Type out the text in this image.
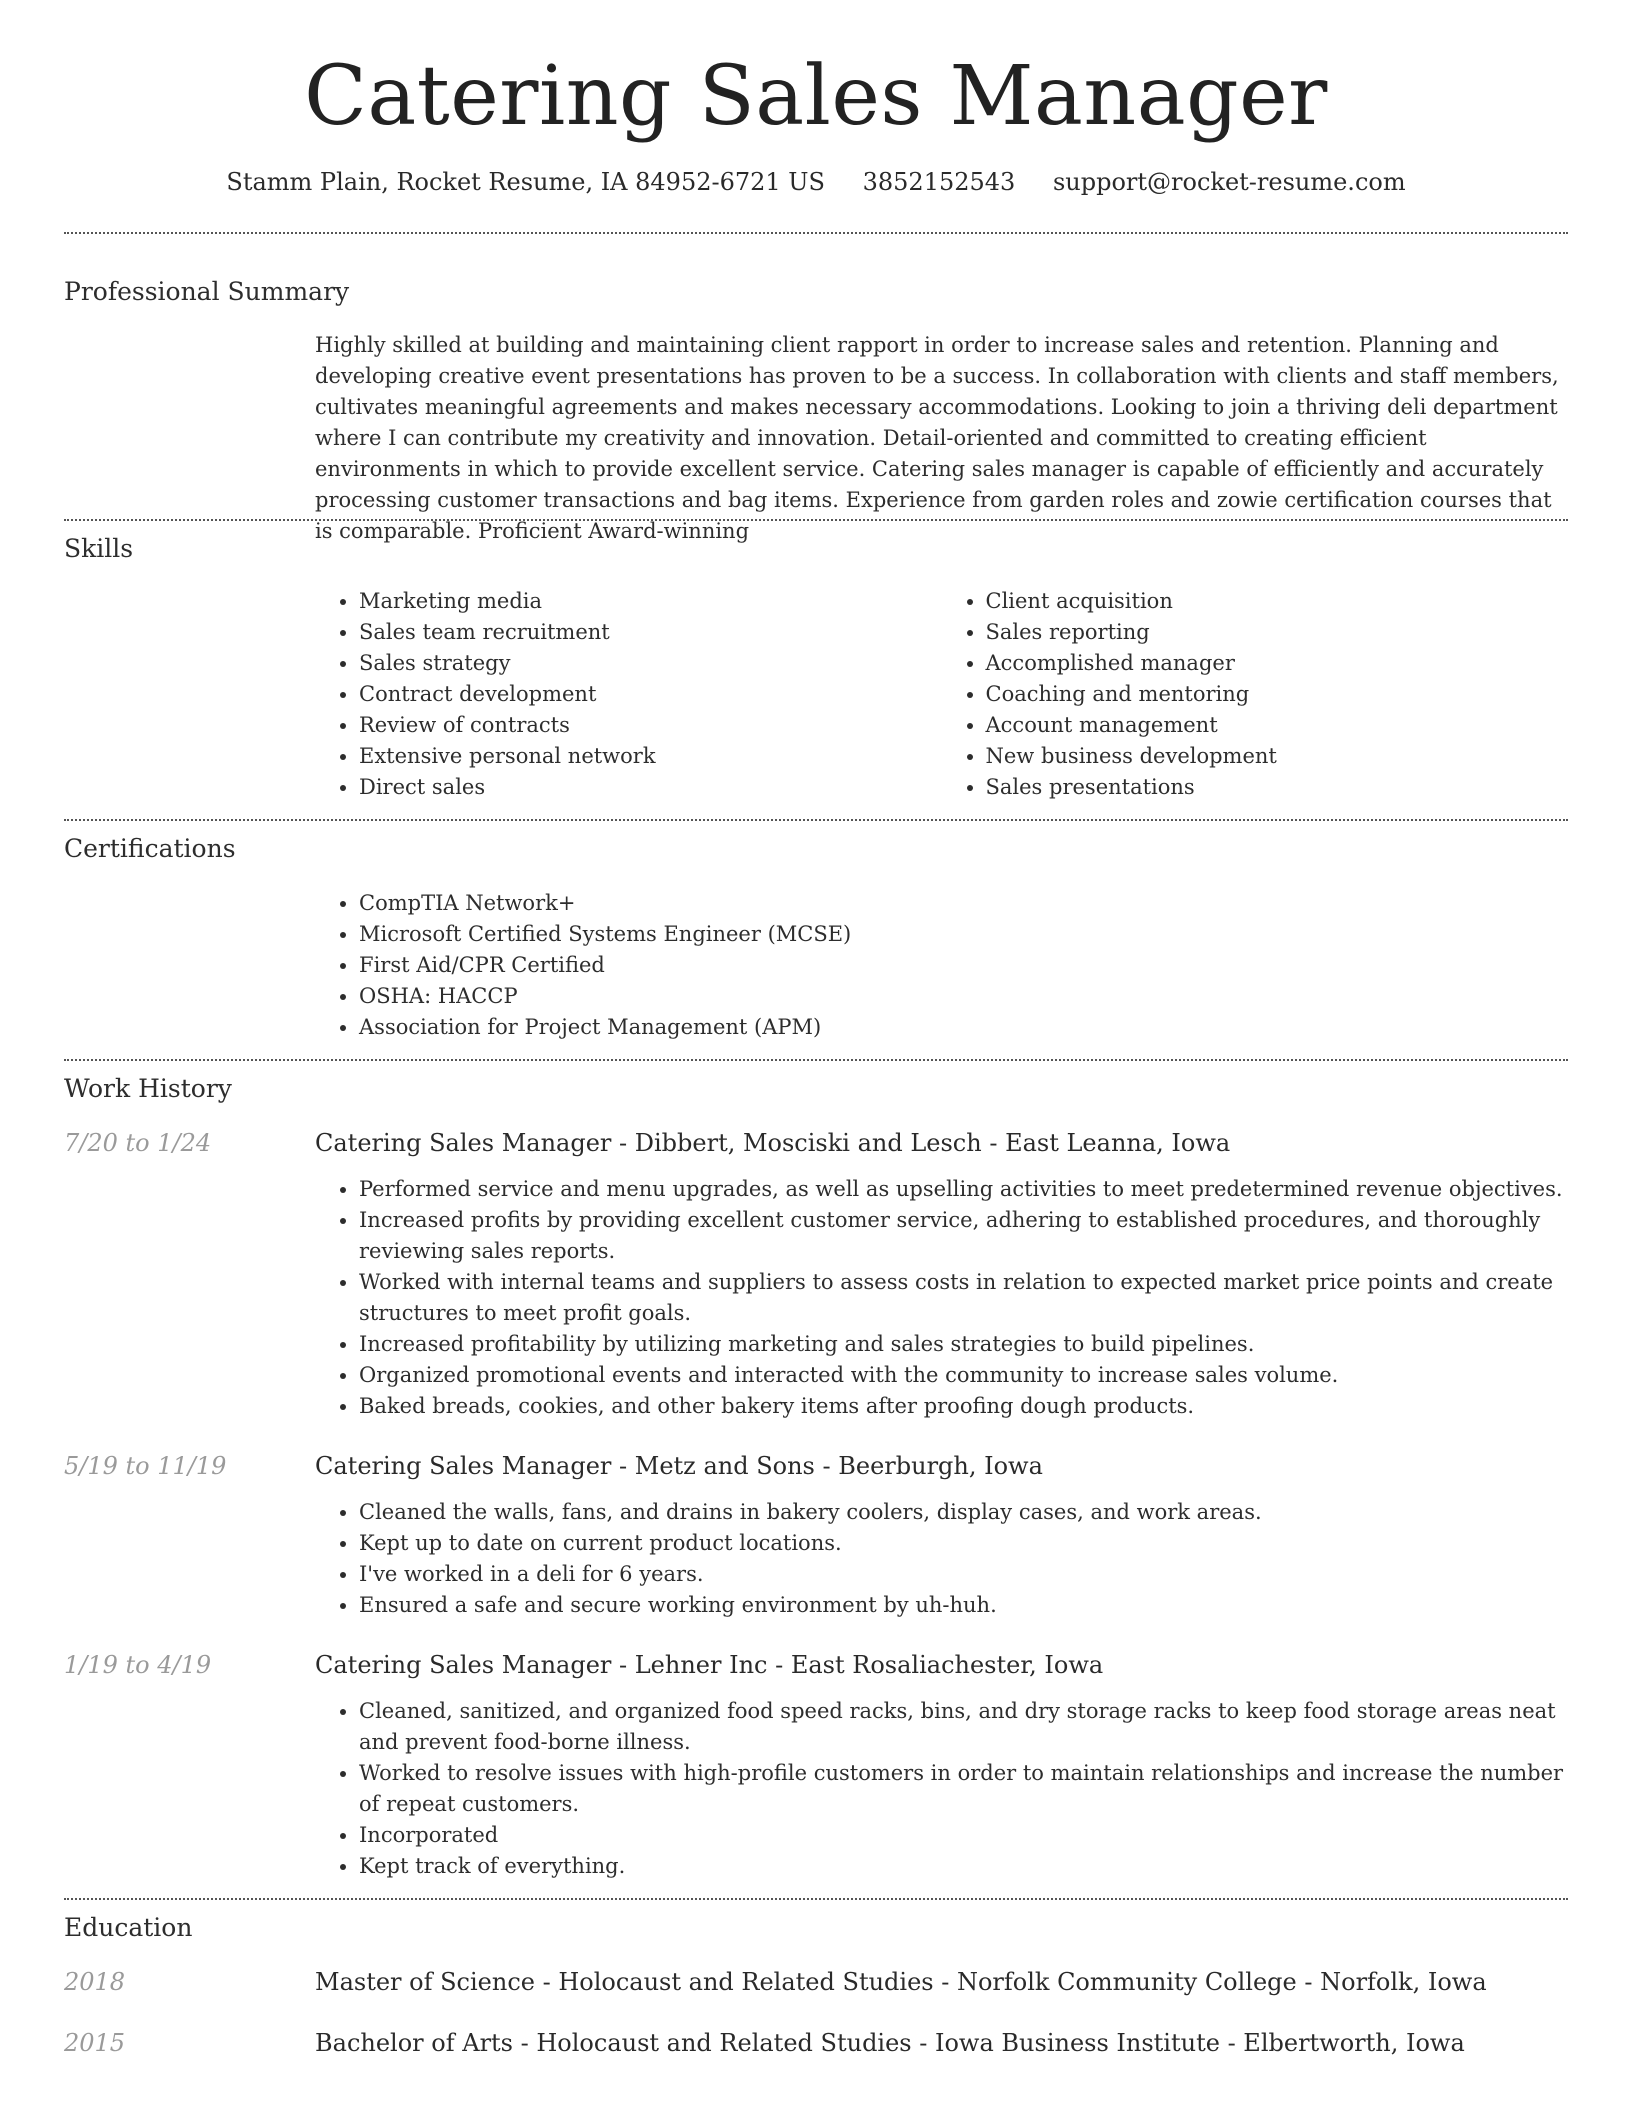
Catering Sales Manager
Stamm Plain, Rocket Resume, IA 84952-6721 US 3852152543 support@rocket-resume.com
Professional Summary
Highly skilled at building and maintaining client rapport in order to increase sales and retention. Planning and developing creative event presentations has proven to be a success. In collaboration with clients and staff members, cultivates meaningful agreements and makes necessary accommodations. Looking to join a thriving deli department where I can contribute my creativity and innovation. Detail-oriented and committed to creating efficient environments in which to provide excellent service. Catering sales manager is capable of efficiently and accurately processing customer transactions and bag items. Experience from garden roles and zowie certification courses that is comparable. Proficient Award-winning
Skills
• Marketing media
• Sales team recruitment
• Sales strategy
• Contract development
• Review of contracts
• Extensive personal network
• Direct sales
• Client acquisition
• Sales reporting
• Accomplished manager
• Coaching and mentoring
• Account management
• New business development
• Sales presentations
Certifications
• CompTIA Network+
• Microsoft Certified Systems Engineer (MCSE)
• First Aid/CPR Certified
• OSHA: HACCP
• Association for Project Management (APM)
Work History
7/20 to 1/24	Catering Sales Manager - Dibbert, Mosciski and Lesch - East Leanna, Iowa
• Performed service and menu upgrades, as well as upselling activities to meet predetermined revenue objectives.
• Increased profits by providing excellent customer service, adhering to established procedures, and thoroughly reviewing sales reports.
• Worked with internal teams and suppliers to assess costs in relation to expected market price points and create structures to meet profit goals.
• Increased profitability by utilizing marketing and sales strategies to build pipelines.
• Organized promotional events and interacted with the community to increase sales volume.
• Baked breads, cookies, and other bakery items after proofing dough products.
5/19 to 11/19	Catering Sales Manager - Metz and Sons - Beerburgh, Iowa
• Cleaned the walls, fans, and drains in bakery coolers, display cases, and work areas.
• Kept up to date on current product locations.
• I've worked in a deli for 6 years.
• Ensured a safe and secure working environment by uh-huh.
1/19 to 4/19	Catering Sales Manager - Lehner Inc - East Rosaliachester, Iowa
• Cleaned, sanitized, and organized food speed racks, bins, and dry storage racks to keep food storage areas neat and prevent food-borne illness.
• Worked to resolve issues with high-profile customers in order to maintain relationships and increase the number of repeat customers.
• Incorporated
• Kept track of everything.
Education
2018	Master of Science - Holocaust and Related Studies - Norfolk Community College - Norfolk, Iowa
2015	Bachelor of Arts - Holocaust and Related Studies - Iowa Business Institute - Elbertworth, Iowa
